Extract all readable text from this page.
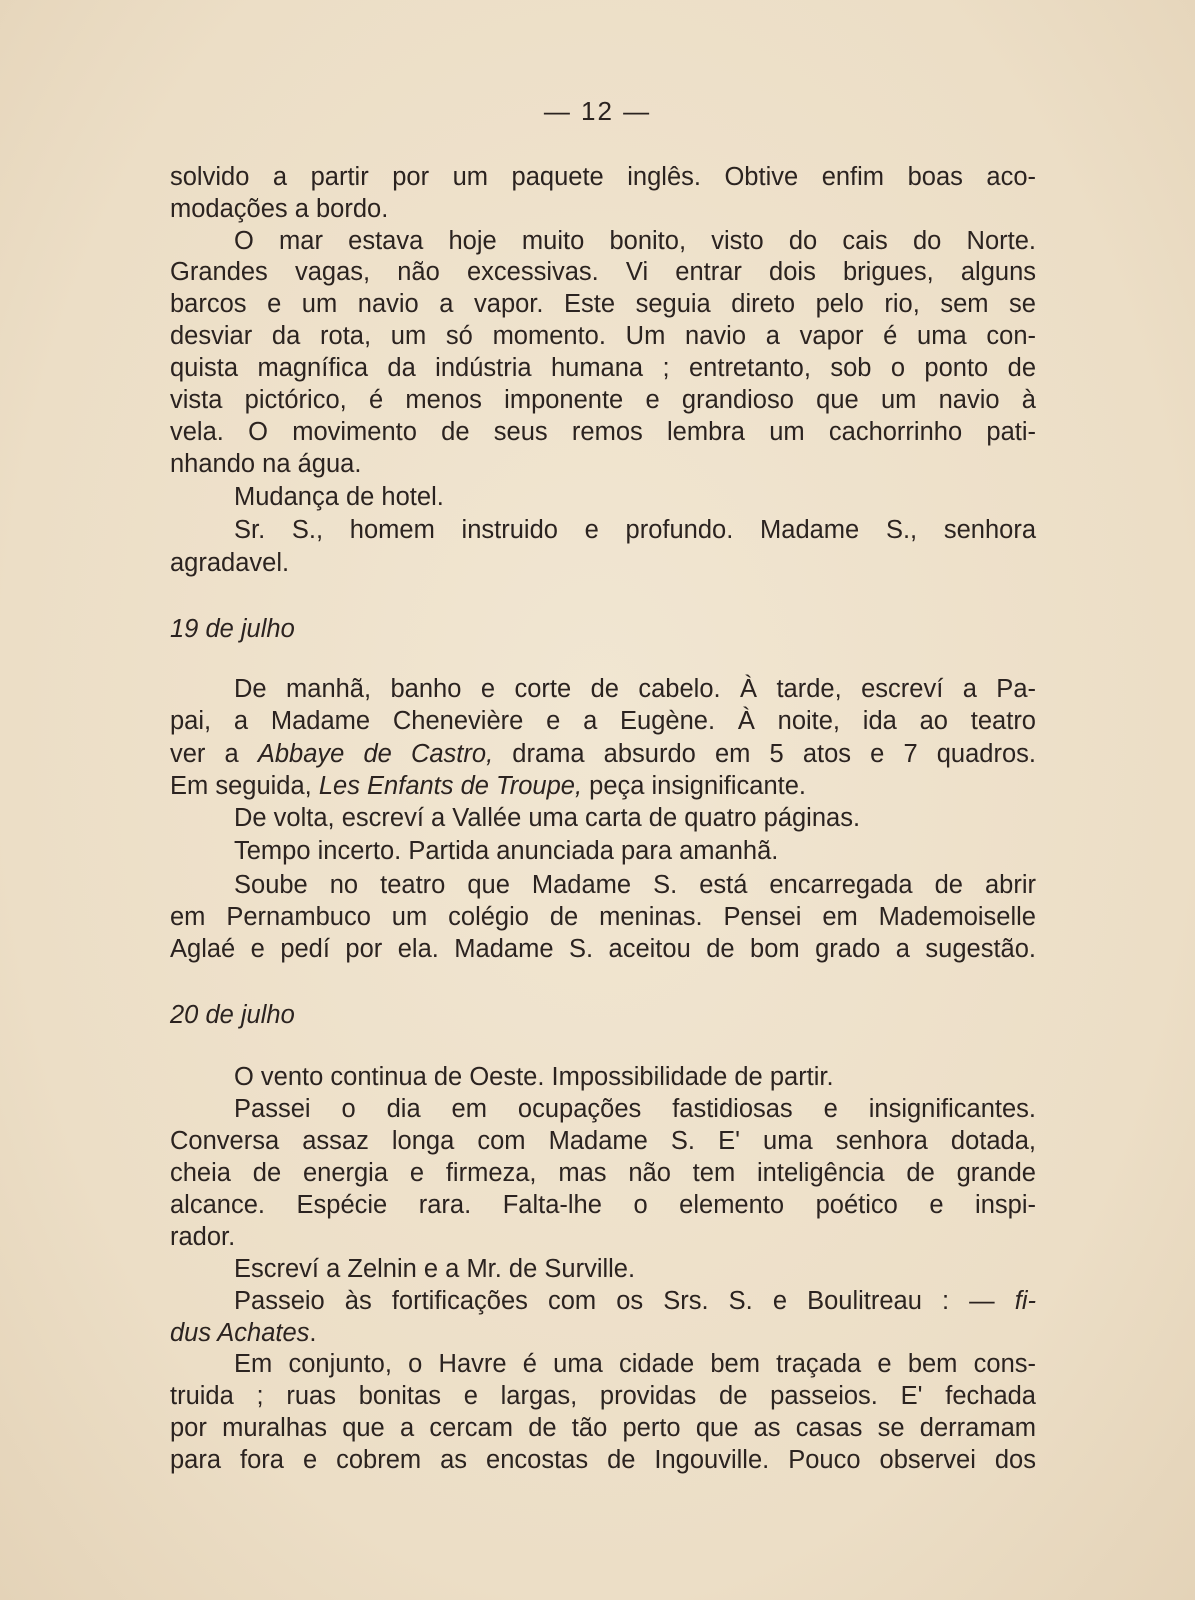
— 12 —
solvido a partir por um paquete inglês. Obtive enfim boas aco-
modações a bordo.
O mar estava hoje muito bonito, visto do cais do Norte.
Grandes vagas, não excessivas. Vi entrar dois brigues, alguns
barcos e um navio a vapor. Este seguia direto pelo rio, sem se
desviar da rota, um só momento. Um navio a vapor é uma con-
quista magnífica da indústria humana ; entretanto, sob o ponto de
vista pictórico, é menos imponente e grandioso que um navio à
vela. O movimento de seus remos lembra um cachorrinho pati-
nhando na água.
Mudança de hotel.
Sr. S., homem instruido e profundo. Madame S., senhora
agradavel.
19 de julho
De manhã, banho e corte de cabelo. À tarde, escreví a Pa-
pai, a Madame Chenevière e a Eugène. À noite, ida ao teatro
ver a Abbaye de Castro, drama absurdo em 5 atos e 7 quadros.
Em seguida, Les Enfants de Troupe, peça insignificante.
De volta, escreví a Vallée uma carta de quatro páginas.
Tempo incerto. Partida anunciada para amanhã.
Soube no teatro que Madame S. está encarregada de abrir
em Pernambuco um colégio de meninas. Pensei em Mademoiselle
Aglaé e pedí por ela. Madame S. aceitou de bom grado a sugestão.
20 de julho
O vento continua de Oeste. Impossibilidade de partir.
Passei o dia em ocupações fastidiosas e insignificantes.
Conversa assaz longa com Madame S. E' uma senhora dotada,
cheia de energia e firmeza, mas não tem inteligência de grande
alcance. Espécie rara. Falta-lhe o elemento poético e inspi-
rador.
Escreví a Zelnin e a Mr. de Surville.
Passeio às fortificações com os Srs. S. e Boulitreau : — fi-
dus Achates.
Em conjunto, o Havre é uma cidade bem traçada e bem cons-
truida ; ruas bonitas e largas, providas de passeios. E' fechada
por muralhas que a cercam de tão perto que as casas se derramam
para fora e cobrem as encostas de Ingouville. Pouco observei dos
